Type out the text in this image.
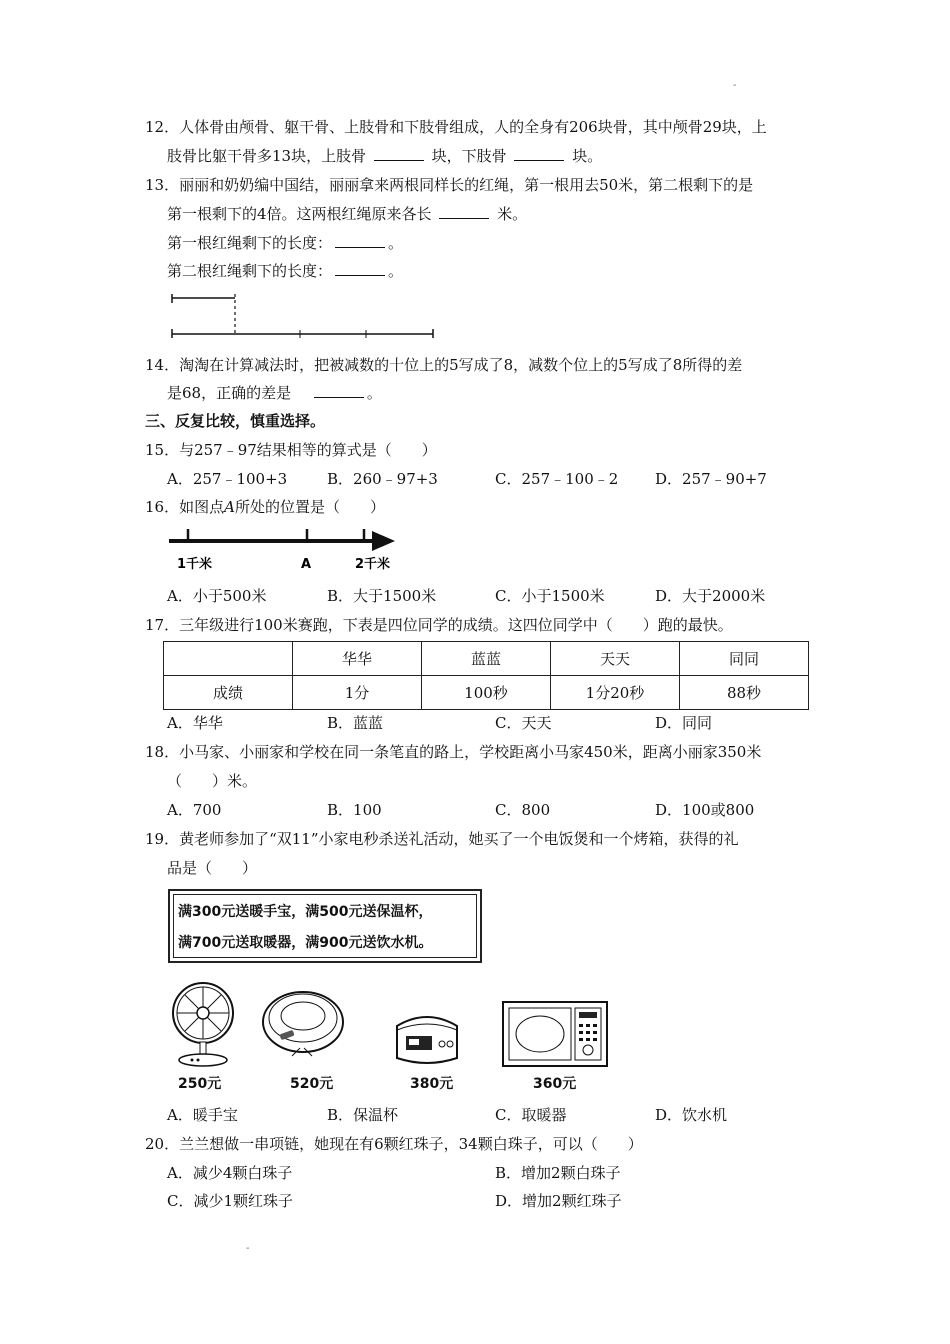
-
12．人体骨由颅骨、躯干骨、上肢骨和下肢骨组成，人的全身有206块骨，其中颅骨29块，上
肢骨比躯干骨多13块，上肢骨	块，下肢骨	块。
13．丽丽和奶奶编中国结，丽丽拿来两根同样长的红绳，第一根用去50米，第二根剩下的是
第一根剩下的4倍。这两根红绳原来各长	米。
第一根红绳剩下的长度：	。
第二根红绳剩下的长度：	。
14．淘淘在计算减法时，把被减数的十位上的5写成了8，减数个位上的5写成了8所得的差
是68，正确的差是	。
三、反复比较，慎重选择。
15．与257﹣97结果相等的算式是（　　）
A．257﹣100+3	B．260﹣97+3	C．257﹣100﹣2 D．257﹣90+7
16．如图点A所处的位置是（　　）
1千米	A	2千米
A．小于500米	B．大于1500米	C．小于1500米	D．大于2000米
17．三年级进行100米赛跑，下表是四位同学的成绩。这四位同学中（　　）跑的最快。
	华华	蓝蓝	天天	同同
成绩	1分	100秒	1分20秒	88秒
A．华华	B．蓝蓝	C．天天	D．同同
18．小马家、小丽家和学校在同一条笔直的路上，学校距离小马家450米，距离小丽家350米
（　　）米。
A．700	B．100	C．800	D．100或800
19．黄老师参加了“双11”小家电秒杀送礼活动，她买了一个电饭煲和一个烤箱，获得的礼
品是（　　）
满300元送暖手宝，满500元送保温杯，
满700元送取暖器，满900元送饮水机。
250元	520元	380元	360元
A．暖手宝	B．保温杯	C．取暖器	D．饮水机
20．兰兰想做一串项链，她现在有6颗红珠子，34颗白珠子，可以（　　）
A．减少4颗白珠子	B．增加2颗白珠子
C．减少1颗红珠子	D．增加2颗红珠子
-
